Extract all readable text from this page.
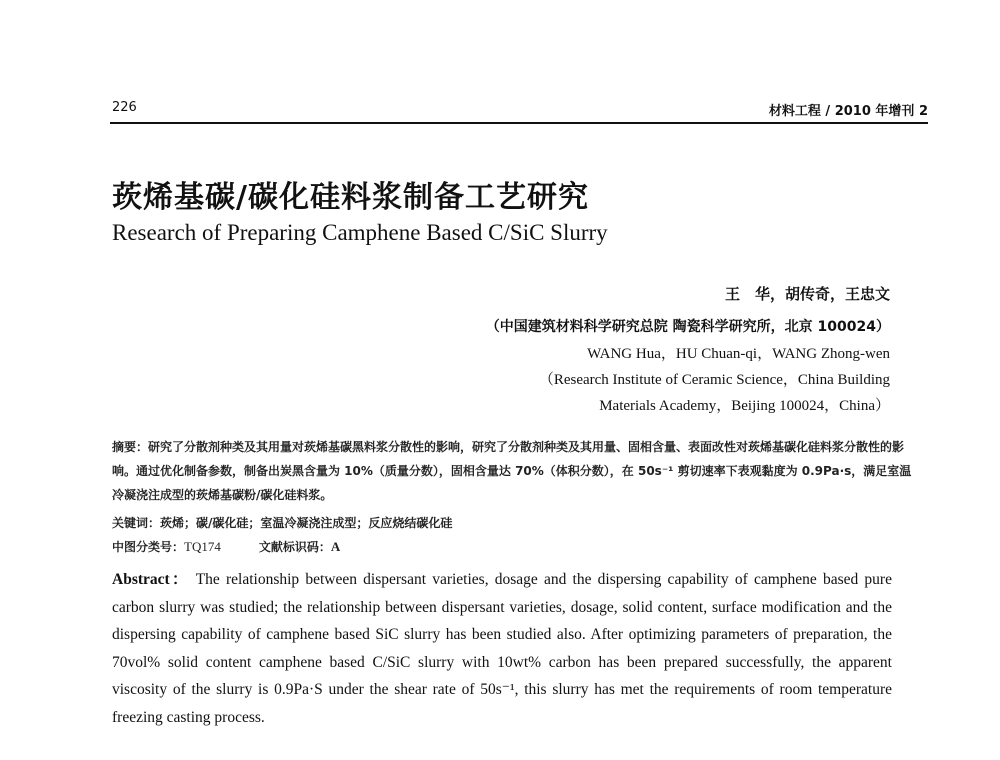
226	材料工程 / 2010 年增刊 2
莰烯基碳/碳化硅料浆制备工艺研究
Research of Preparing Camphene Based C/SiC Slurry
王　华，胡传奇，王忠文
（中国建筑材料科学研究总院 陶瓷科学研究所，北京 100024）
WANG Hua，HU Chuan-qi，WANG Zhong-wen
（Research Institute of Ceramic Science，China Building
Materials Academy，Beijing 100024，China）
摘要：研究了分散剂种类及其用量对莰烯基碳黑料浆分散性的影响，研究了分散剂种类及其用量、固相含量、表面改性对莰烯基碳化硅料浆分散性的影响。通过优化制备参数，制备出炭黑含量为 10%（质量分数），固相含量达 70%（体积分数），在 50s⁻¹ 剪切速率下表观黏度为 0.9Pa·s，满足室温冷凝浇注成型的莰烯基碳粉/碳化硅料浆。
关键词：莰烯；碳/碳化硅；室温冷凝浇注成型；反应烧结碳化硅
中图分类号：TQ174	文献标识码：A
Abstract： The relationship between dispersant varieties, dosage and the dispersing capability of camphene based pure carbon slurry was studied; the relationship between dispersant varieties, dosage, solid content, surface modification and the dispersing capability of camphene based SiC slurry has been studied also. After optimizing parameters of preparation, the 70vol% solid content camphene based C/SiC slurry with 10wt% carbon has been prepared successfully, the apparent viscosity of the slurry is 0.9Pa·S under the shear rate of 50s⁻¹, this slurry has met the requirements of room temperature freezing casting process.
